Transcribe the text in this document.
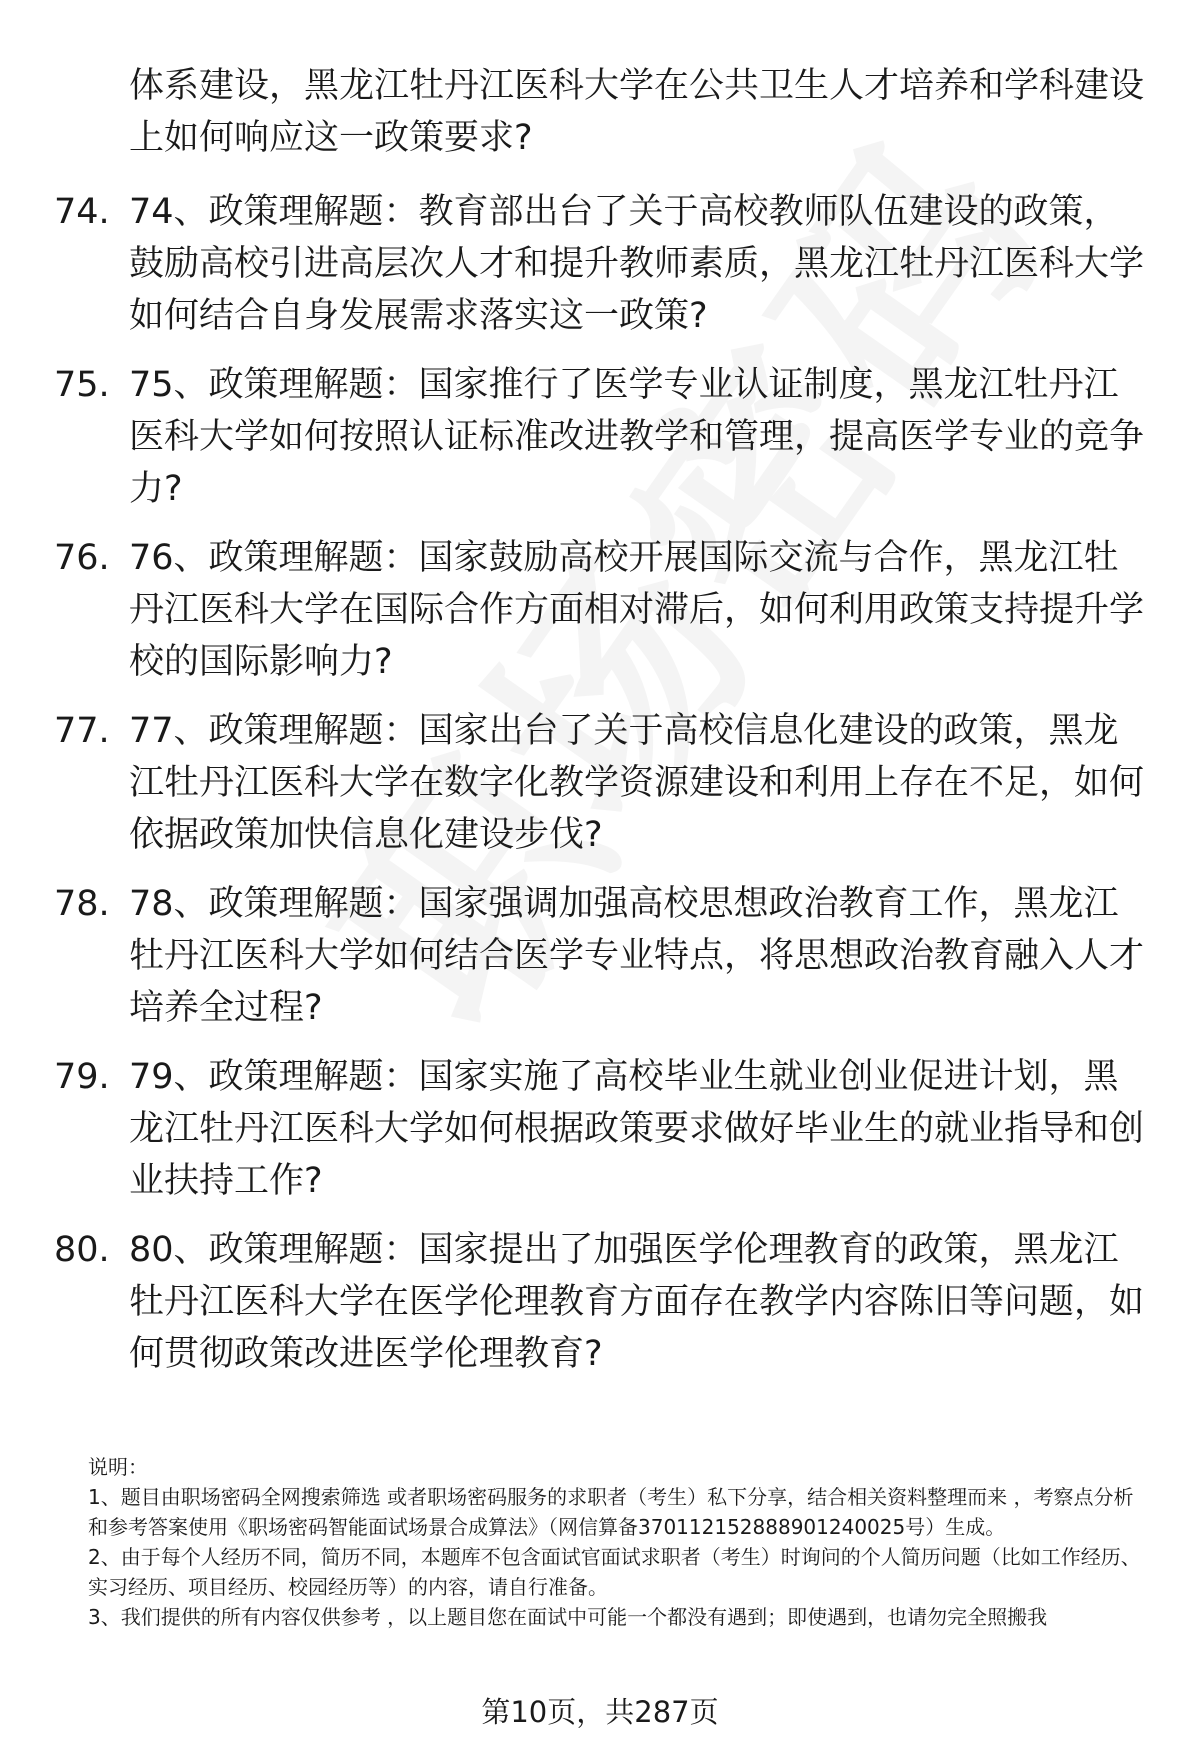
体系建设，黑龙江牡丹江医科大学在公共卫生人才培养和学科建设上如何响应这一政策要求?
74. 74、政策理解题：教育部出台了关于高校教师队伍建设的政策，鼓励高校引进高层次人才和提升教师素质，黑龙江牡丹江医科大学如何结合自身发展需求落实这一政策?
75. 75、政策理解题：国家推行了医学专业认证制度，黑龙江牡丹江医科大学如何按照认证标准改进教学和管理，提高医学专业的竞争力?
76. 76、政策理解题：国家鼓励高校开展国际交流与合作，黑龙江牡丹江医科大学在国际合作方面相对滞后，如何利用政策支持提升学校的国际影响力?
77. 77、政策理解题：国家出台了关于高校信息化建设的政策，黑龙江牡丹江医科大学在数字化教学资源建设和利用上存在不足，如何依据政策加快信息化建设步伐?
78. 78、政策理解题：国家强调加强高校思想政治教育工作，黑龙江牡丹江医科大学如何结合医学专业特点，将思想政治教育融入人才培养全过程?
79. 79、政策理解题：国家实施了高校毕业生就业创业促进计划，黑龙江牡丹江医科大学如何根据政策要求做好毕业生的就业指导和创业扶持工作?
80. 80、政策理解题：国家提出了加强医学伦理教育的政策，黑龙江牡丹江医科大学在医学伦理教育方面存在教学内容陈旧等问题，如何贯彻政策改进医学伦理教育?

说明：

1、题目由职场密码全网搜索筛选 或者职场密码服务的求职者（考生）私下分享，结合相关资料整理而来 ，考察点分析和参考答案使用《职场密码智能面试场景合成算法》（网信算备370112152888901240025号）生成。

2、由于每个人经历不同，简历不同，本题库不包含面试官面试求职者（考生）时询问的个人简历问题（比如工作经历、实习经历、项目经历、校园经历等）的内容，请自行准备。

3、我们提供的所有内容仅供参考 ，以上题目您在面试中可能一个都没有遇到；即使遇到，也请勿完全照搬我

第10页，共287页
